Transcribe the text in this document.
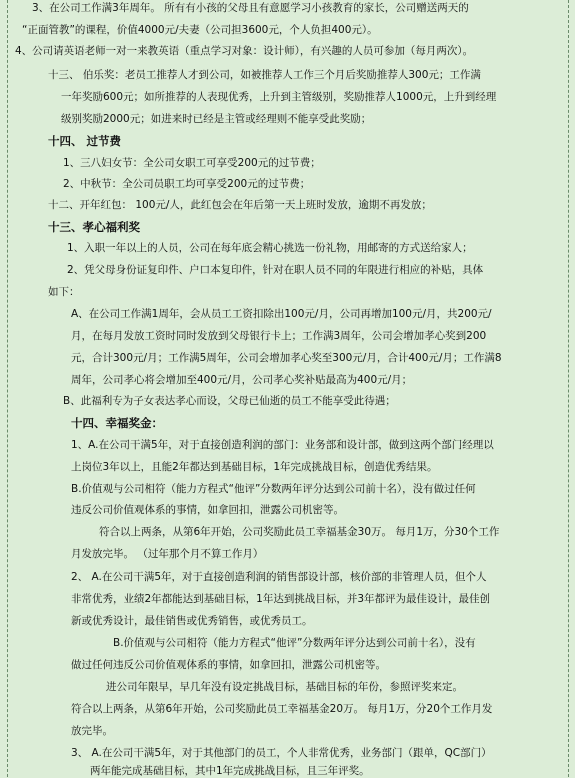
3、在公司工作满3年周年。 所有有小孩的父母且有意愿学习小孩教育的家长，公司赠送两天的
“正面管教”的课程，价值4000元/夫妻（公司担3600元，个人负担400元）。
4、公司请英语老师一对一来教英语（重点学习对象：设计师），有兴趣的人员可参加（每月两次）。
十三、 伯乐奖：老员工推荐人才到公司，如被推荐人工作三个月后奖励推荐人300元；工作满
一年奖励600元；如所推荐的人表现优秀，上升到主管级别，奖励推荐人1000元，上升到经理
级别奖励2000元；如进来时已经是主管或经理则不能享受此奖励；
十四、 过节费
1、三八妇女节：全公司女职工可享受200元的过节费；
2、中秋节：全公司员职工均可享受200元的过节费；
十二、开年红包： 100元/人，此红包会在年后第一天上班时发放，逾期不再发放；
十三、孝心福利奖
1、入职一年以上的人员，公司在每年底会精心挑选一份礼物，用邮寄的方式送给家人；
2、凭父母身份证复印件、户口本复印件，针对在职人员不同的年限进行相应的补贴，具体
如下：
A、在公司工作满1周年，会从员工工资扣除出100元/月，公司再增加100元/月，共200元/
月，在每月发放工资时同时发放到父母银行卡上；工作满3周年，公司会增加孝心奖到200
元，合计300元/月；工作满5周年，公司会增加孝心奖至300元/月，合计400元/月；工作满8
周年，公司孝心将会增加至400元/月，公司孝心奖补贴最高为400元/月；
B、此福利专为子女表达孝心而设，父母已仙逝的员工不能享受此待遇；
十四、幸福奖金：
1、A.在公司干满5年，对于直接创造利润的部门：业务部和设计部，做到这两个部门经理以
上岗位3年以上，且能2年都达到基础目标，1年完成挑战目标，创造优秀结果。
B.价值观与公司相符（能力方程式“他评”分数两年评分达到公司前十名），没有做过任何
违反公司价值观体系的事情，如拿回扣，泄露公司机密等。
符合以上两条，从第6年开始，公司奖励此员工幸福基金30万。 每月1万，分30个工作
月发放完毕。 （过年那个月不算工作月）
2、 A.在公司干满5年，对于直接创造利润的销售部设计部，核价部的非管理人员，但个人
非常优秀，业绩2年都能达到基础目标，1年达到挑战目标，并3年都评为最佳设计，最佳创
新或优秀设计，最佳销售或优秀销售，或优秀员工。
B.价值观与公司相符（能力方程式“他评”分数两年评分达到公司前十名），没有
做过任何违反公司价值观体系的事情，如拿回扣，泄露公司机密等。
进公司年限早，早几年没有设定挑战目标，基础目标的年份，参照评奖来定。
符合以上两条，从第6年开始，公司奖励此员工幸福基金20万。 每月1万，分20个工作月发
放完毕。
3、 A.在公司干满5年，对于其他部门的员工，个人非常优秀，业务部门（跟单，QC部门）
两年能完成基础目标，其中1年完成挑战目标，且三年评奖。
